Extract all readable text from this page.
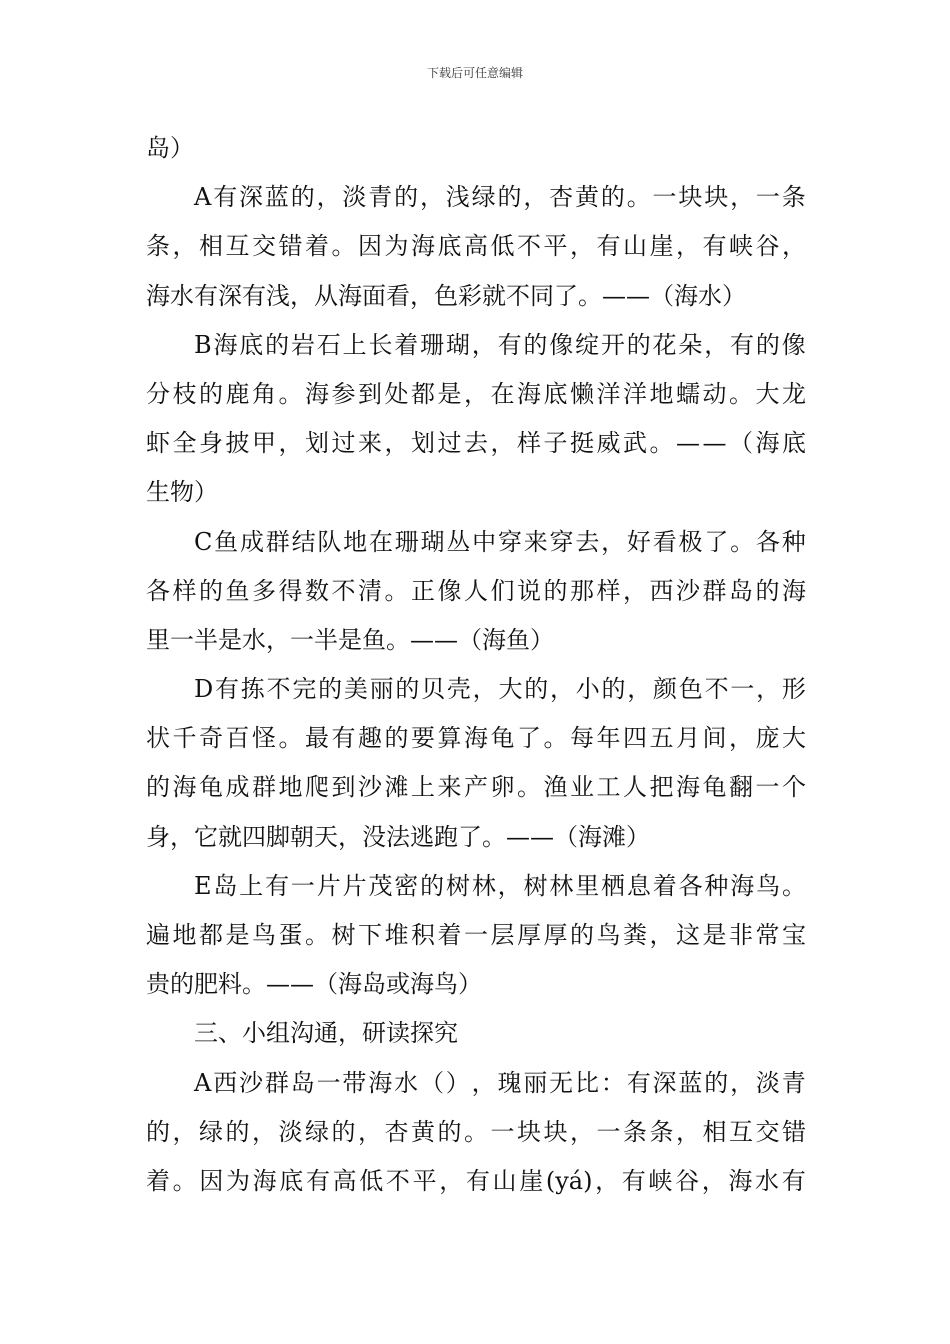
下载后可任意编辑
岛 ）
A 有 深 蓝 的 ， 淡 青 的 ， 浅 绿 的 ， 杏 黄 的 。 一 块 块 ， 一 条
条 ， 相 互 交 错 着 。 因 为 海 底 高 低 不 平 ， 有 山 崖 ， 有 峡 谷 ，
海 水 有 深 有 浅 ， 从 海 面 看 ， 色 彩 就 不 同 了 。 — — （ 海 水 ）
B 海 底 的 岩 石 上 长 着 珊 瑚 ， 有 的 像 绽 开 的 花 朵 ， 有 的 像
分 枝 的 鹿 角 。 海 参 到 处 都 是 ， 在 海 底 懒 洋 洋 地 蠕 动 。 大 龙
虾 全 身 披 甲 ， 划 过 来 ， 划 过 去 ， 样 子 挺 威 武 。 — — （ 海 底
生 物 ）
C 鱼 成 群 结 队 地 在 珊 瑚 丛 中 穿 来 穿 去 ， 好 看 极 了 。 各 种
各 样 的 鱼 多 得 数 不 清 。 正 像 人 们 说 的 那 样 ， 西 沙 群 岛 的 海
里 一 半 是 水 ， 一 半 是 鱼 。 — — （ 海 鱼 ）
D 有 拣 不 完 的 美 丽 的 贝 壳 ， 大 的 ， 小 的 ， 颜 色 不 一 ， 形
状 千 奇 百 怪 。 最 有 趣 的 要 算 海 龟 了 。 每 年 四 五 月 间 ， 庞 大
的 海 龟 成 群 地 爬 到 沙 滩 上 来 产 卵 。 渔 业 工 人 把 海 龟 翻 一 个
身 ， 它 就 四 脚 朝 天 ， 没 法 逃 跑 了 。 — — （ 海 滩 ）
E 岛 上 有 一 片 片 茂 密 的 树 林 ， 树 林 里 栖 息 着 各 种 海 鸟 。
遍 地 都 是 鸟 蛋 。 树 下 堆 积 着 一 层 厚 厚 的 鸟 粪 ， 这 是 非 常 宝
贵 的 肥 料 。 — — （ 海 岛 或 海 鸟 ）
三 、 小 组 沟 通 ， 研 读 探 究
A 西 沙 群 岛 一 带 海 水 （ ） ， 瑰 丽 无 比 ： 有 深 蓝 的 ， 淡 青
的 ， 绿 的 ， 淡 绿 的 ， 杏 黄 的 。 一 块 块 ， 一 条 条 ， 相 互 交 错
着 。 因 为 海 底 有 高 低 不 平 ， 有 山 崖 (yá) ， 有 峡 谷 ， 海 水 有
